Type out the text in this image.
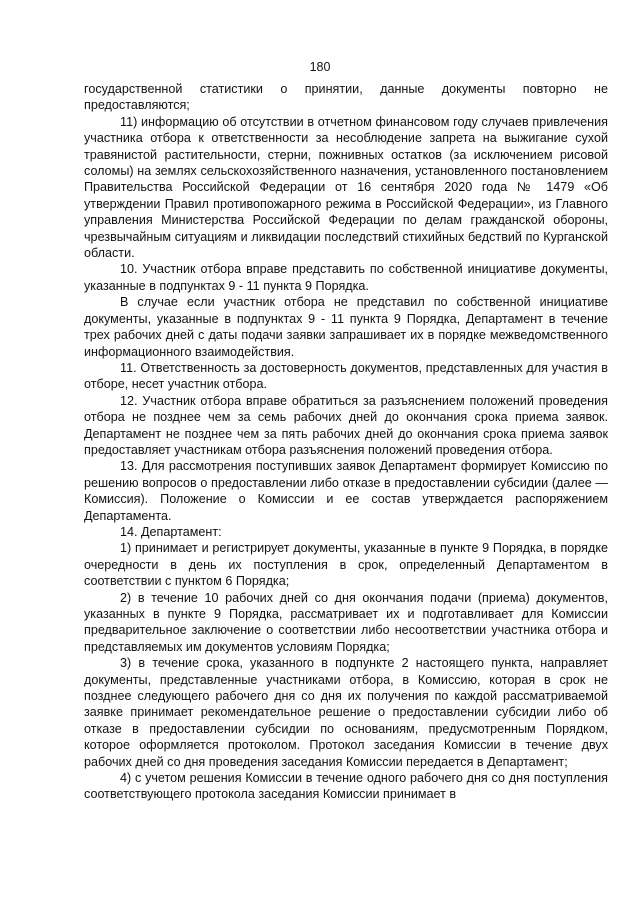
180

государственной статистики о принятии, данные документы повторно не предоставляются;

11) информацию об отсутствии в отчетном финансовом году случаев привлечения участника отбора к ответственности за несоблюдение запрета на выжигание сухой травянистой растительности, стерни, пожнивных остатков (за исключением рисовой соломы) на землях сельскохозяйственного назначения, установленного постановлением Правительства Российской Федерации от 16 сентября 2020 года № 1479 «Об утверждении Правил противопожарного режима в Российской Федерации», из Главного управления Министерства Российской Федерации по делам гражданской обороны, чрезвычайным ситуациям и ликвидации последствий стихийных бедствий по Курганской области.

10. Участник отбора вправе представить по собственной инициативе документы, указанные в подпунктах 9 - 11 пункта 9 Порядка.

В случае если участник отбора не представил по собственной инициативе документы, указанные в подпунктах 9 - 11 пункта 9 Порядка, Департамент в течение трех рабочих дней с даты подачи заявки запрашивает их в порядке межведомственного информационного взаимодействия.

11. Ответственность за достоверность документов, представленных для участия в отборе, несет участник отбора.

12. Участник отбора вправе обратиться за разъяснением положений проведения отбора не позднее чем за семь рабочих дней до окончания срока приема заявок. Департамент не позднее чем за пять рабочих дней до окончания срока приема заявок предоставляет участникам отбора разъяснения положений проведения отбора.

13. Для рассмотрения поступивших заявок Департамент формирует Комиссию по решению вопросов о предоставлении либо отказе в предоставлении субсидии (далее — Комиссия). Положение о Комиссии и ее состав утверждается распоряжением Департамента.

14. Департамент:

1) принимает и регистрирует документы, указанные в пункте 9 Порядка, в порядке очередности в день их поступления в срок, определенный Департаментом в соответствии с пунктом 6 Порядка;

2) в течение 10 рабочих дней со дня окончания подачи (приема) документов, указанных в пункте 9 Порядка, рассматривает их и подготавливает для Комиссии предварительное заключение о соответствии либо несоответствии участника отбора и представляемых им документов условиям Порядка;

3) в течение срока, указанного в подпункте 2 настоящего пункта, направляет документы, представленные участниками отбора, в Комиссию, которая в срок не позднее следующего рабочего дня со дня их получения по каждой рассматриваемой заявке принимает рекомендательное решение о предоставлении субсидии либо об отказе в предоставлении субсидии по основаниям, предусмотренным Порядком, которое оформляется протоколом. Протокол заседания Комиссии в течение двух рабочих дней со дня проведения заседания Комиссии передается в Департамент;

4) с учетом решения Комиссии в течение одного рабочего дня со дня поступления соответствующего протокола заседания Комиссии принимает в
